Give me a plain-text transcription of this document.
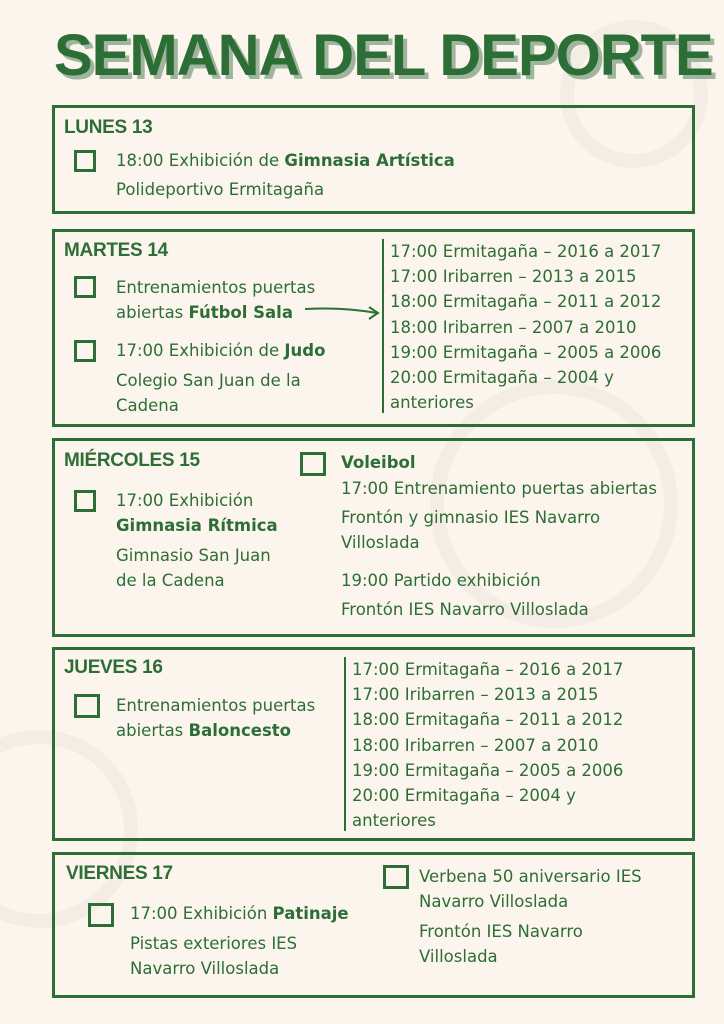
SEMANA DEL DEPORTE
LUNES 13
18:00 Exhibición de Gimnasia Artística
Polideportivo Ermitagaña
MARTES 14
Entrenamientos puertas
abiertas Fútbol Sala
17:00 Exhibición de Judo
Colegio San Juan de la
Cadena
17:00 Ermitagaña – 2016 a 2017
17:00 Iribarren – 2013 a 2015
18:00 Ermitagaña – 2011 a 2012
18:00 Iribarren – 2007 a 2010
19:00 Ermitagaña – 2005 a 2006
20:00 Ermitagaña – 2004 y
anteriores
MIÉRCOLES 15
17:00 Exhibición
Gimnasia Rítmica
Gimnasio San Juan
de la Cadena
Voleibol
17:00 Entrenamiento puertas abiertas
Frontón y gimnasio IES Navarro
Villoslada
19:00 Partido exhibición
Frontón IES Navarro Villoslada
JUEVES 16
Entrenamientos puertas
abiertas Baloncesto
17:00 Ermitagaña – 2016 a 2017
17:00 Iribarren – 2013 a 2015
18:00 Ermitagaña – 2011 a 2012
18:00 Iribarren – 2007 a 2010
19:00 Ermitagaña – 2005 a 2006
20:00 Ermitagaña – 2004 y
anteriores
VIERNES 17
17:00 Exhibición Patinaje
Pistas exteriores IES
Navarro Villoslada
Verbena 50 aniversario IES
Navarro Villoslada
Frontón IES Navarro
Villoslada
